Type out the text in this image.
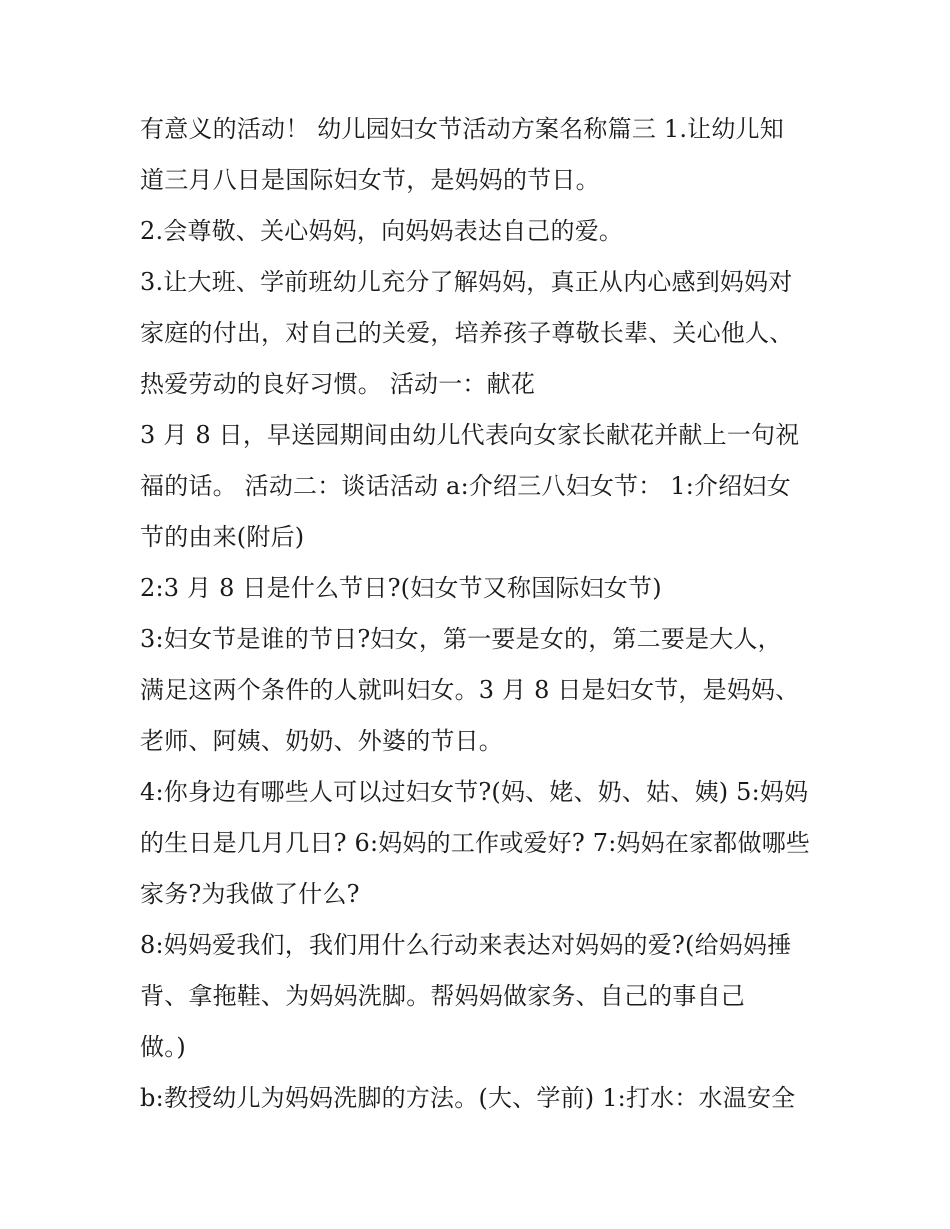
有意义的活动！ 幼儿园妇女节活动方案名称篇三 1.让幼儿知
道三月八日是国际妇女节，是妈妈的节日。
2.会尊敬、关心妈妈，向妈妈表达自己的爱。
3.让大班、学前班幼儿充分了解妈妈，真正从内心感到妈妈对
家庭的付出，对自己的关爱，培养孩子尊敬长辈、关心他人、
热爱劳动的良好习惯。 活动一：献花
3 月 8 日，早送园期间由幼儿代表向女家长献花并献上一句祝
福的话。 活动二：谈话活动 a:介绍三八妇女节： 1:介绍妇女
节的由来(附后)
2:3 月 8 日是什么节日?(妇女节又称国际妇女节)
3:妇女节是谁的节日?妇女，第一要是女的，第二要是大人，
满足这两个条件的人就叫妇女。3 月 8 日是妇女节，是妈妈、
老师、阿姨、奶奶、外婆的节日。
4:你身边有哪些人可以过妇女节?(妈、姥、奶、姑、姨) 5:妈妈
的生日是几月几日? 6:妈妈的工作或爱好? 7:妈妈在家都做哪些
家务?为我做了什么?
8:妈妈爱我们，我们用什么行动来表达对妈妈的爱?(给妈妈捶
背、拿拖鞋、为妈妈洗脚。帮妈妈做家务、自己的事自己
做。)
b:教授幼儿为妈妈洗脚的方法。(大、学前) 1:打水：水温安全
